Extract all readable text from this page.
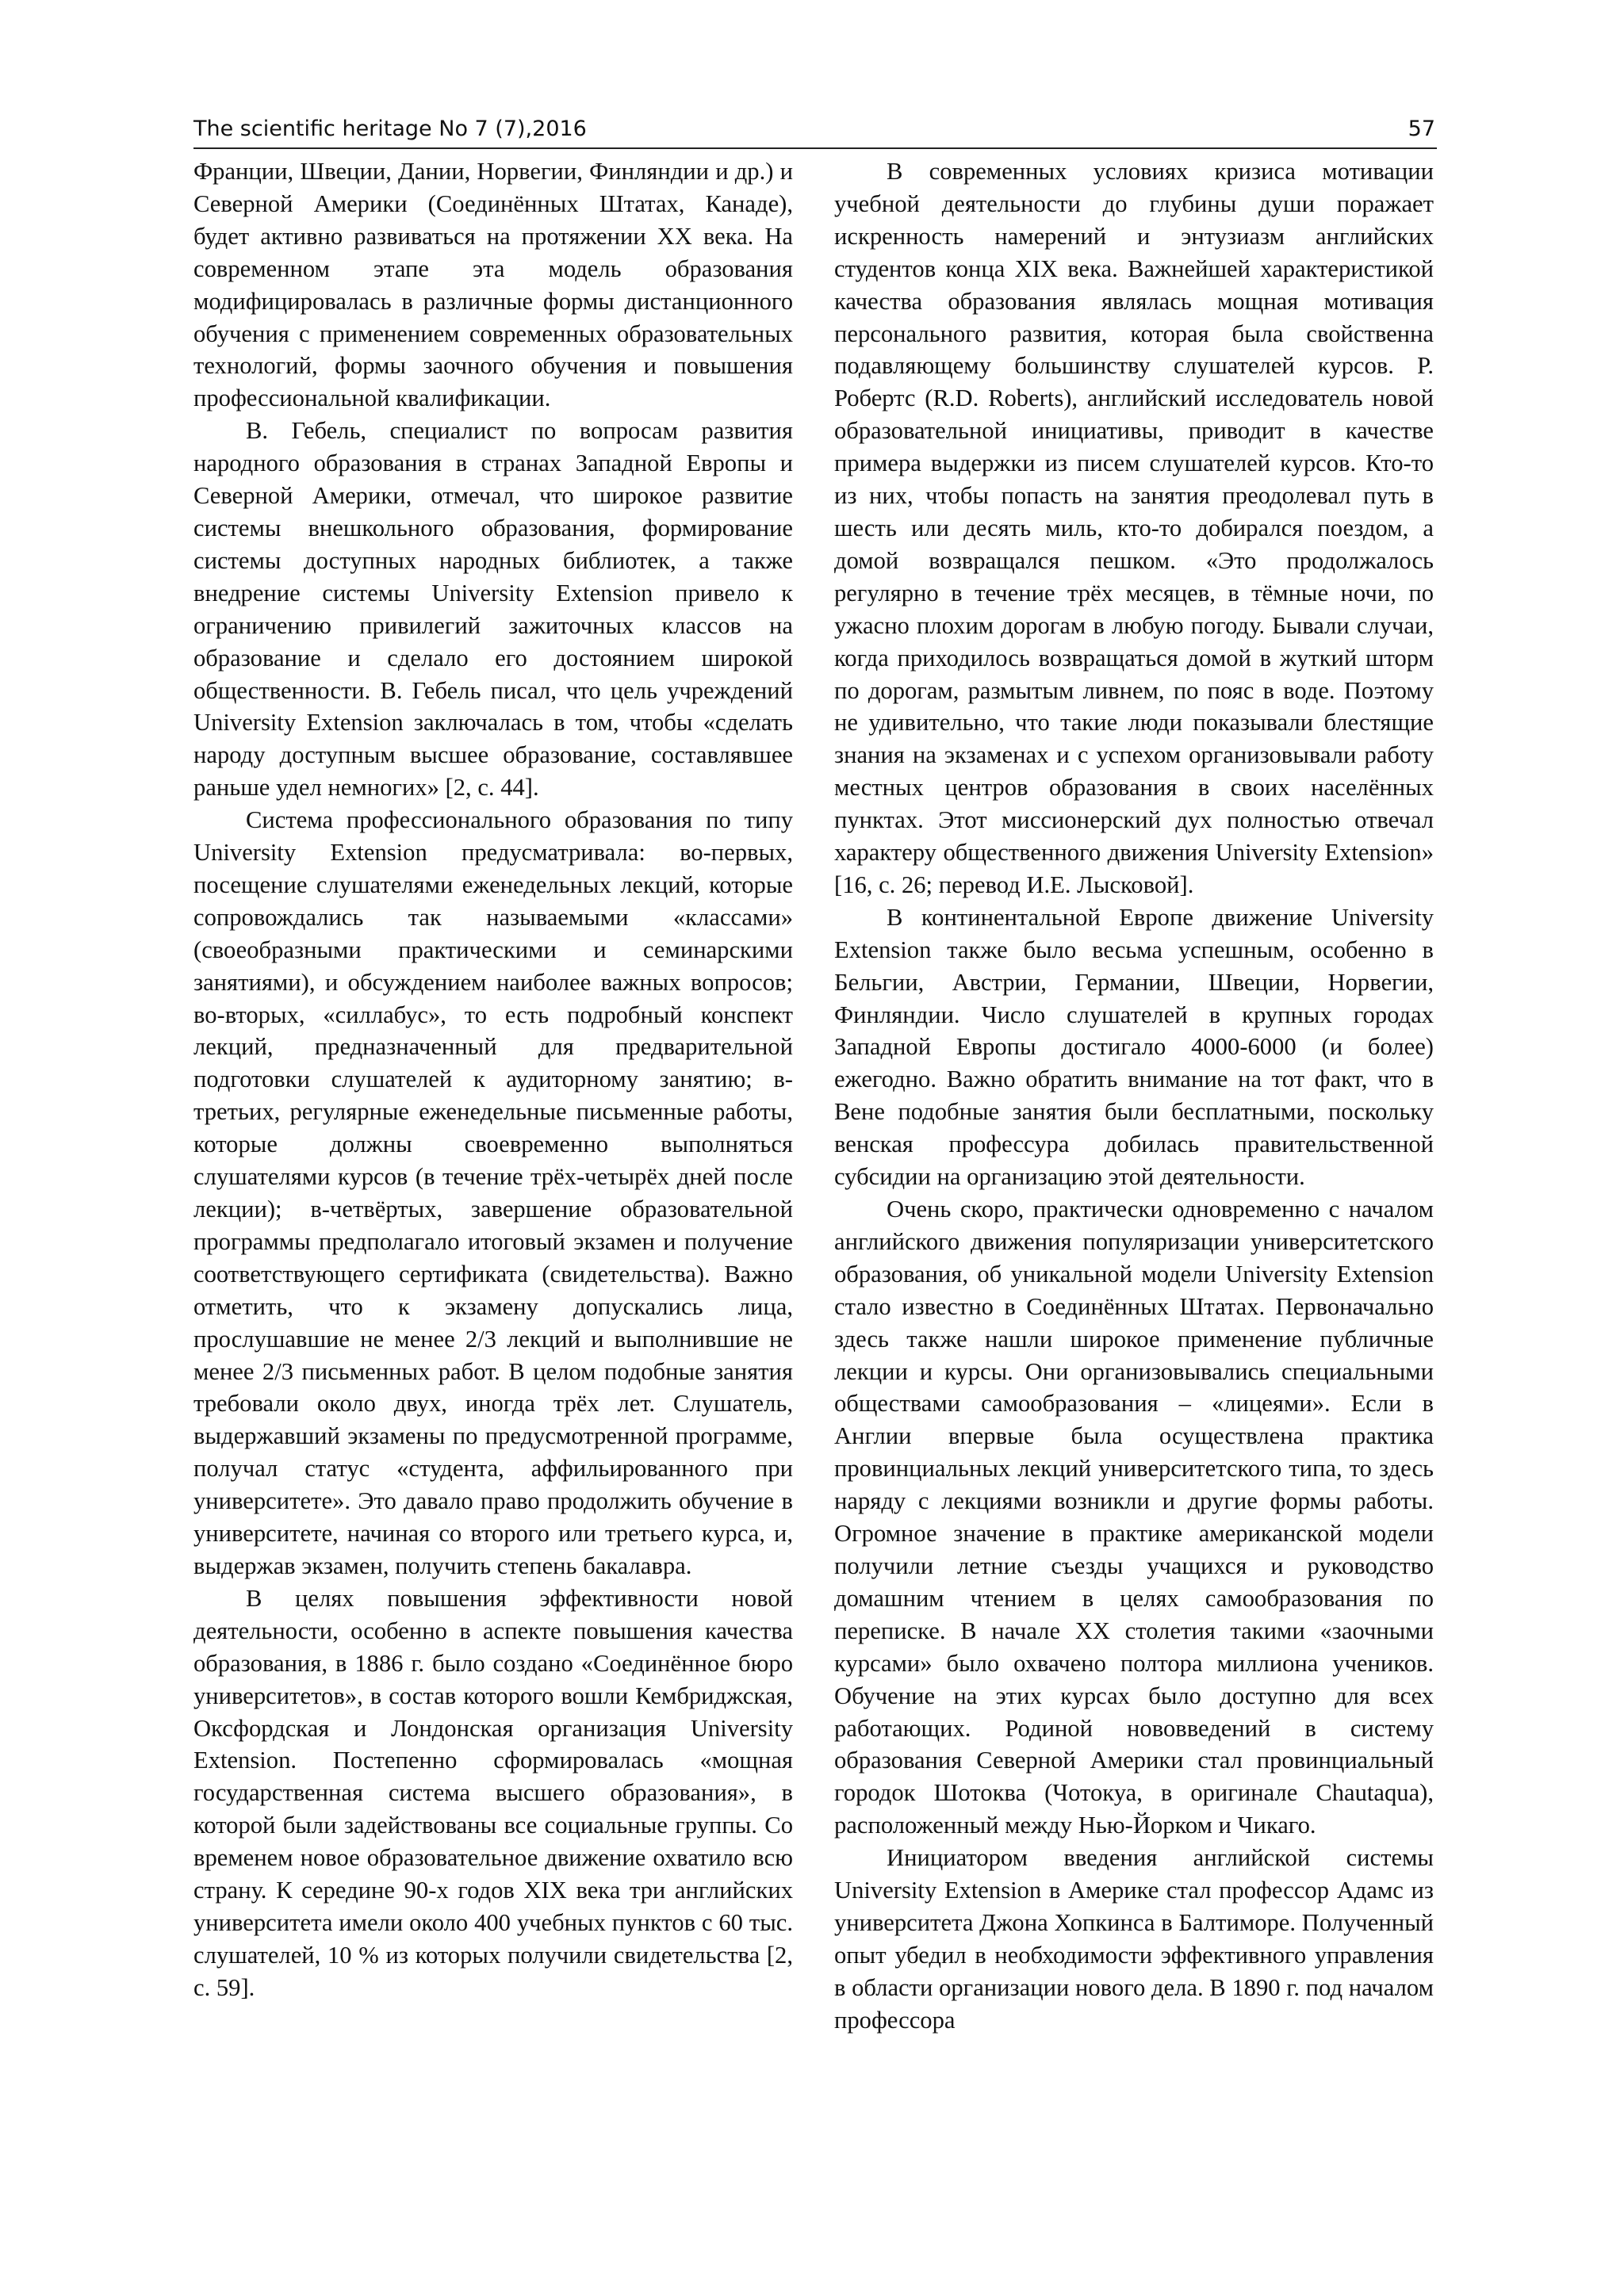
The scientific heritage No 7 (7),2016	57

Франции, Швеции, Дании, Норвегии, Финляндии и др.) и Северной Америки (Соединённых Штатах, Канаде), будет активно развиваться на протяжении XX века. На современном этапе эта модель образования модифицировалась в различные формы дистанционного обучения с применением современных образовательных технологий, формы заочного обучения и повышения профессиональной квалификации.

В. Гебель, специалист по вопросам развития народного образования в странах Западной Европы и Северной Америки, отмечал, что широкое развитие системы внешкольного образования, формирование системы доступных народных библиотек, а также внедрение системы University Extension привело к ограничению привилегий зажиточных классов на образование и сделало его достоянием широкой общественности. В. Гебель писал, что цель учреждений University Extension заключалась в том, чтобы «сделать народу доступным высшее образование, составлявшее раньше удел немногих» [2, с. 44].

Система профессионального образования по типу University Extension предусматривала: во-первых, посещение слушателями еженедельных лекций, которые сопровождались так называемыми «классами» (своеобразными практическими и семинарскими занятиями), и обсуждением наиболее важных вопросов; во-вторых, «силлабус», то есть подробный конспект лекций, предназначенный для предварительной подготовки слушателей к аудиторному занятию; в-третьих, регулярные еженедельные письменные работы, которые должны своевременно выполняться слушателями курсов (в течение трёх-четырёх дней после лекции); в-четвёртых, завершение образовательной программы предполагало итоговый экзамен и получение соответствующего сертификата (свидетельства). Важно отметить, что к экзамену допускались лица, прослушавшие не менее 2/3 лекций и выполнившие не менее 2/3 письменных работ. В целом подобные занятия требовали около двух, иногда трёх лет. Слушатель, выдержавший экзамены по предусмотренной программе, получал статус «студента, аффильированного при университете». Это давало право продолжить обучение в университете, начиная со второго или третьего курса, и, выдержав экзамен, получить степень бакалавра.

В целях повышения эффективности новой деятельности, особенно в аспекте повышения качества образования, в 1886 г. было создано «Соединённое бюро университетов», в состав которого вошли Кембриджская, Оксфордская и Лондонская организация University Extension. Постепенно сформировалась «мощная государственная система высшего образования», в которой были задействованы все социальные группы. Со временем новое образовательное движение охватило всю страну. К середине 90-х годов XIX века три английских университета имели около 400 учебных пунктов с 60 тыс. слушателей, 10 % из которых получили свидетельства [2, с. 59].

В современных условиях кризиса мотивации учебной деятельности до глубины души поражает искренность намерений и энтузиазм английских студентов конца XIX века. Важнейшей характеристикой качества образования являлась мощная мотивация персонального развития, которая была свойственна подавляющему большинству слушателей курсов. Р. Робертс (R.D. Roberts), английский исследователь новой образовательной инициативы, приводит в качестве примера выдержки из писем слушателей курсов. Кто-то из них, чтобы попасть на занятия преодолевал путь в шесть или десять миль, кто-то добирался поездом, а домой возвращался пешком. «Это продолжалось регулярно в течение трёх месяцев, в тёмные ночи, по ужасно плохим дорогам в любую погоду. Бывали случаи, когда приходилось возвращаться домой в жуткий шторм по дорогам, размытым ливнем, по пояс в воде. Поэтому не удивительно, что такие люди показывали блестящие знания на экзаменах и с успехом организовывали работу местных центров образования в своих населённых пунктах. Этот миссионерский дух полностью отвечал характеру общественного движения University Extension» [16, с. 26; перевод И.Е. Лысковой].

В континентальной Европе движение University Extension также было весьма успешным, особенно в Бельгии, Австрии, Германии, Швеции, Норвегии, Финляндии. Число слушателей в крупных городах Западной Европы достигало 4000-6000 (и более) ежегодно. Важно обратить внимание на тот факт, что в Вене подобные занятия были бесплатными, поскольку венская профессура добилась правительственной субсидии на организацию этой деятельности.

Очень скоро, практически одновременно с началом английского движения популяризации университетского образования, об уникальной модели University Extension стало известно в Соединённых Штатах. Первоначально здесь также нашли широкое применение публичные лекции и курсы. Они организовывались специальными обществами самообразования – «лицеями». Если в Англии впервые была осуществлена практика провинциальных лекций университетского типа, то здесь наряду с лекциями возникли и другие формы работы. Огромное значение в практике американской модели получили летние съезды учащихся и руководство домашним чтением в целях самообразования по переписке. В начале XX столетия такими «заочными курсами» было охвачено полтора миллиона учеников. Обучение на этих курсах было доступно для всех работающих. Родиной нововведений в систему образования Северной Америки стал провинциальный городок Шотоква (Чотокуа, в оригинале Chautaqua), расположенный между Нью-Йорком и Чикаго.

Инициатором введения английской системы University Extension в Америке стал профессор Адамс из университета Джона Хопкинса в Балтиморе. Полученный опыт убедил в необходимости эффективного управления в области организации нового дела. В 1890 г. под началом профессора
